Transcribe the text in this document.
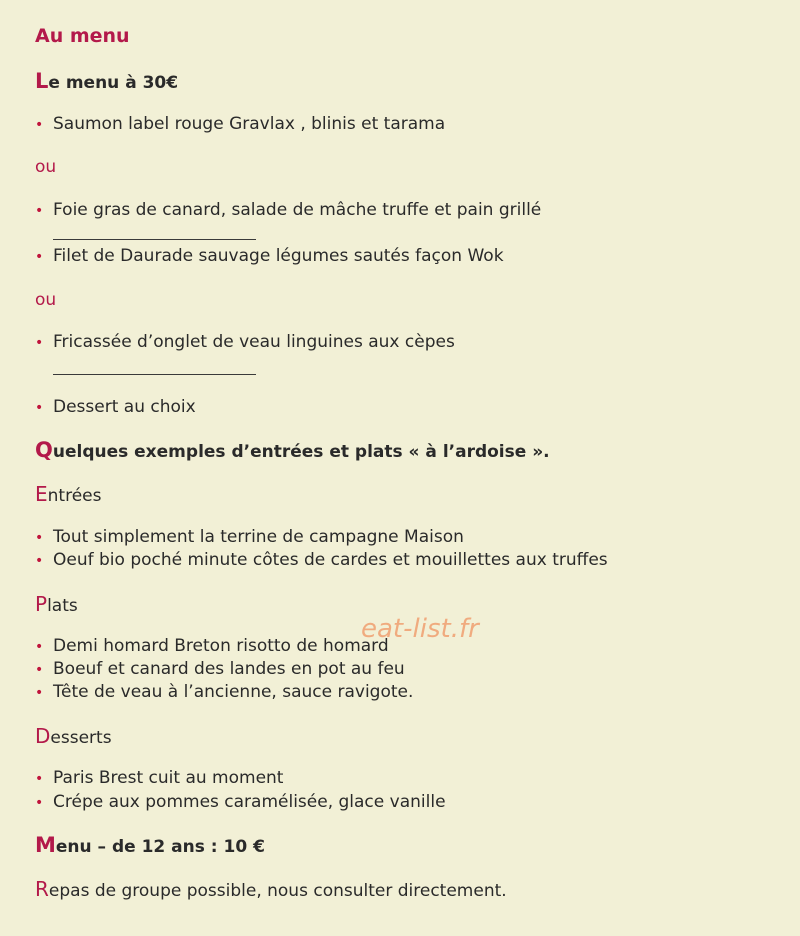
Au menu
Le menu à 30€
• Saumon label rouge Gravlax , blinis et tarama
ou
• Foie gras de canard, salade de mâche truffe et pain grillé
• Filet de Daurade sauvage légumes sautés façon Wok
ou
• Fricassée d’onglet de veau linguines aux cèpes
• Dessert au choix
Quelques exemples d’entrées et plats « à l’ardoise ».
Entrées
• Tout simplement la terrine de campagne Maison
• Oeuf bio poché minute côtes de cardes et mouillettes aux truffes
Plats
• Demi homard Breton risotto de homard
• Boeuf et canard des landes en pot au feu
• Tête de veau à l’ancienne, sauce ravigote.
Desserts
• Paris Brest cuit au moment
• Crépe aux pommes caramélisée, glace vanille
Menu – de 12 ans : 10 €
Repas de groupe possible, nous consulter directement.
eat-list.fr
